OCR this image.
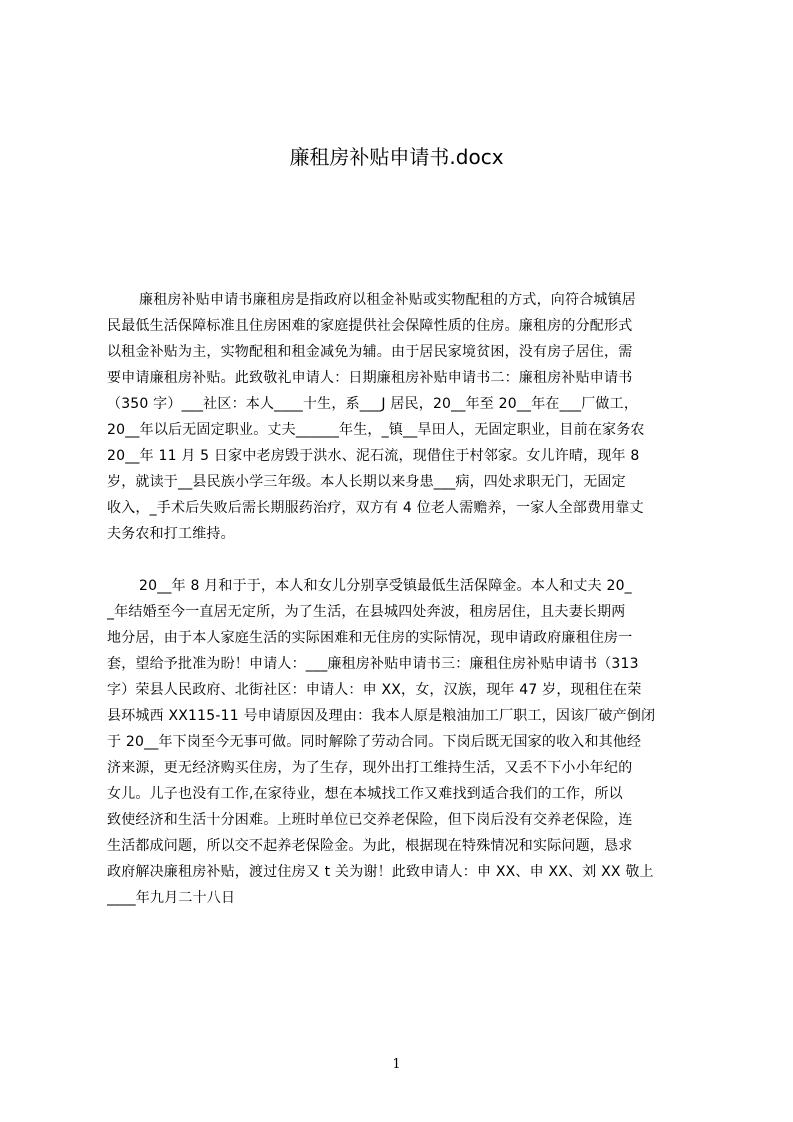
廉租房补贴申请书.docx
廉租房补贴申请书廉租房是指政府以租金补贴或实物配租的方式，向符合城镇居
民最低生活保障标准且住房困难的家庭提供社会保障性质的住房。廉租房的分配形式
以租金补贴为主，实物配租和租金减免为辅。由于居民家境贫困，没有房子居住，需
要申请廉租房补贴。此致敬礼申请人：日期廉租房补贴申请书二：廉租房补贴申请书
（350 字）___社区：本人____十生，系___J 居民，20__年至 20__年在___厂做工，
20__年以后无固定职业。丈夫______年生，_镇__旱田人，无固定职业，目前在家务农
20__年 11 月 5 日家中老房毁于洪水、泥石流，现借住于村邻家。女儿许晴，现年 8
岁，就读于__县民族小学三年级。本人长期以来身患___病，四处求职无门，无固定
收入，_手术后失败后需长期服药治疗，双方有 4 位老人需赡养，一家人全部费用靠丈
夫务农和打工维持。
20__年 8 月和于于，本人和女儿分别享受镇最低生活保障金。本人和丈夫 20_
_年结婚至今一直居无定所，为了生活，在县城四处奔波，租房居住，且夫妻长期两
地分居，由于本人家庭生活的实际困难和无住房的实际情况，现申请政府廉租住房一
套，望给予批准为盼！申请人：___廉租房补贴申请书三：廉租住房补贴申请书（313
字）荣县人民政府、北街社区：申请人：申 XX，女，汉族，现年 47 岁，现租住在荣
县环城西 XX115-11 号申请原因及理由：我本人原是粮油加工厂职工，因该厂破产倒闭
于 20__年下岗至今无事可做。同时解除了劳动合同。下岗后既无国家的收入和其他经
济来源，更无经济购买住房，为了生存，现外出打工维持生活，又丢不下小小年纪的
女儿。儿子也没有工作,在家待业，想在本城找工作又难找到适合我们的工作，所以
致使经济和生活十分困难。上班时单位已交养老保险，但下岗后没有交养老保险，连
生活都成问题，所以交不起养老保险金。为此，根据现在特殊情况和实际问题，恳求
政府解决廉租房补贴，渡过住房又 t 关为谢！此致申请人：申 XX、申 XX、刘 XX 敬上
____年九月二十八日
1
